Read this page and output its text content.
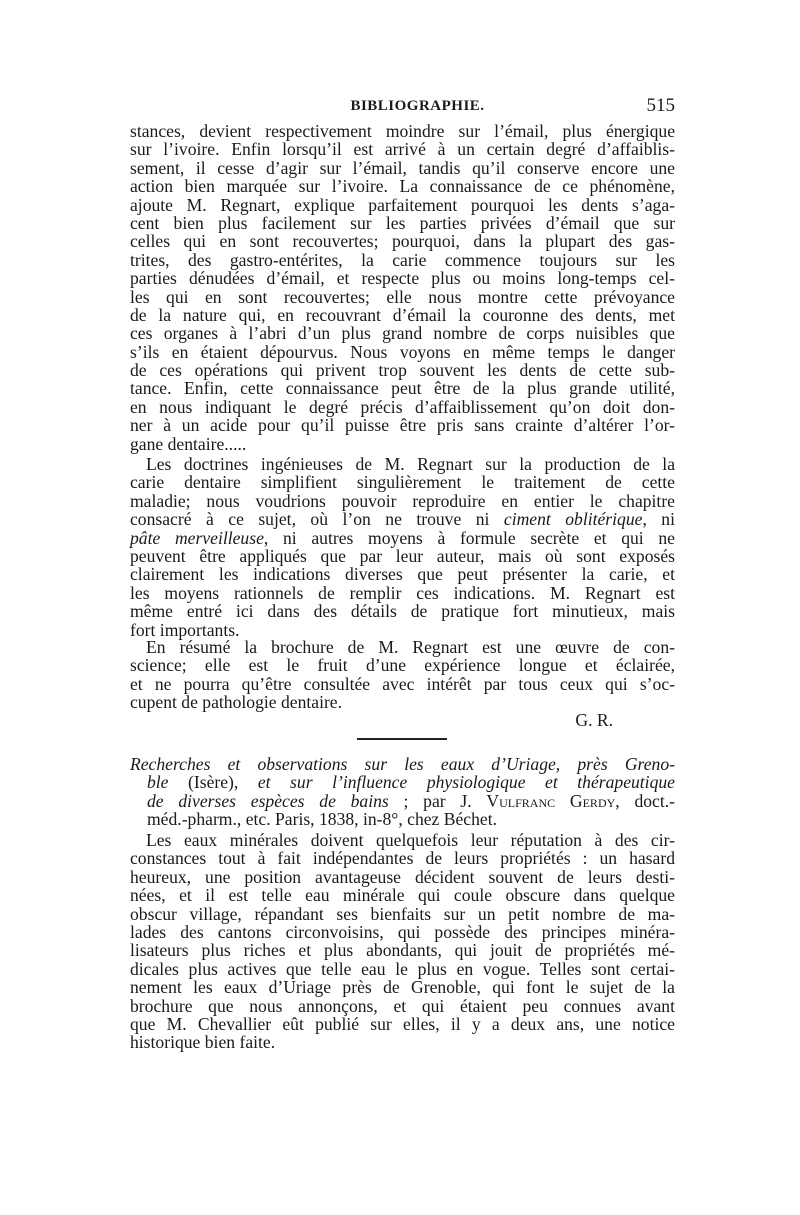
BIBLIOGRAPHIE.	515
stances, devient respectivement moindre sur l’émail, plus énergique
sur l’ivoire. Enfin lorsqu’il est arrivé à un certain degré d’affaiblis-
sement, il cesse d’agir sur l’émail, tandis qu’il conserve encore une
action bien marquée sur l’ivoire. La connaissance de ce phénomène,
ajoute M. Regnart, explique parfaitement pourquoi les dents s’aga-
cent bien plus facilement sur les parties privées d’émail que sur
celles qui en sont recouvertes; pourquoi, dans la plupart des gas-
trites, des gastro-entérites, la carie commence toujours sur les
parties dénudées d’émail, et respecte plus ou moins long-temps cel-
les qui en sont recouvertes; elle nous montre cette prévoyance
de la nature qui, en recouvrant d’émail la couronne des dents, met
ces organes à l’abri d’un plus grand nombre de corps nuisibles que
s’ils en étaient dépourvus. Nous voyons en même temps le danger
de ces opérations qui privent trop souvent les dents de cette sub-
tance. Enfin, cette connaissance peut être de la plus grande utilité,
en nous indiquant le degré précis d’affaiblissement qu’on doit don-
ner à un acide pour qu’il puisse être pris sans crainte d’altérer l’or-
gane dentaire.....
Les doctrines ingénieuses de M. Regnart sur la production de la
carie dentaire simplifient singulièrement le traitement de cette
maladie; nous voudrions pouvoir reproduire en entier le chapitre
consacré à ce sujet, où l’on ne trouve ni ciment oblitérique, ni
pâte merveilleuse, ni autres moyens à formule secrète et qui ne
peuvent être appliqués que par leur auteur, mais où sont exposés
clairement les indications diverses que peut présenter la carie, et
les moyens rationnels de remplir ces indications. M. Regnart est
même entré ici dans des détails de pratique fort minutieux, mais
fort importants.
En résumé la brochure de M. Regnart est une œuvre de con-
science; elle est le fruit d’une expérience longue et éclairée,
et ne pourra qu’être consultée avec intérêt par tous ceux qui s’oc-
cupent de pathologie dentaire.
G. R.
Recherches et observations sur les eaux d’Uriage, près Greno-
ble (Isère), et sur l’influence physiologique et thérapeutique
de diverses espèces de bains ; par J. Vulfranc Gerdy, doct.-
méd.-pharm., etc. Paris, 1838, in-8°, chez Béchet.
Les eaux minérales doivent quelquefois leur réputation à des cir-
constances tout à fait indépendantes de leurs propriétés : un hasard
heureux, une position avantageuse décident souvent de leurs desti-
nées, et il est telle eau minérale qui coule obscure dans quelque
obscur village, répandant ses bienfaits sur un petit nombre de ma-
lades des cantons circonvoisins, qui possède des principes minéra-
lisateurs plus riches et plus abondants, qui jouit de propriétés mé-
dicales plus actives que telle eau le plus en vogue. Telles sont certai-
nement les eaux d’Uriage près de Grenoble, qui font le sujet de la
brochure que nous annonçons, et qui étaient peu connues avant
que M. Chevallier eût publié sur elles, il y a deux ans, une notice
historique bien faite.
